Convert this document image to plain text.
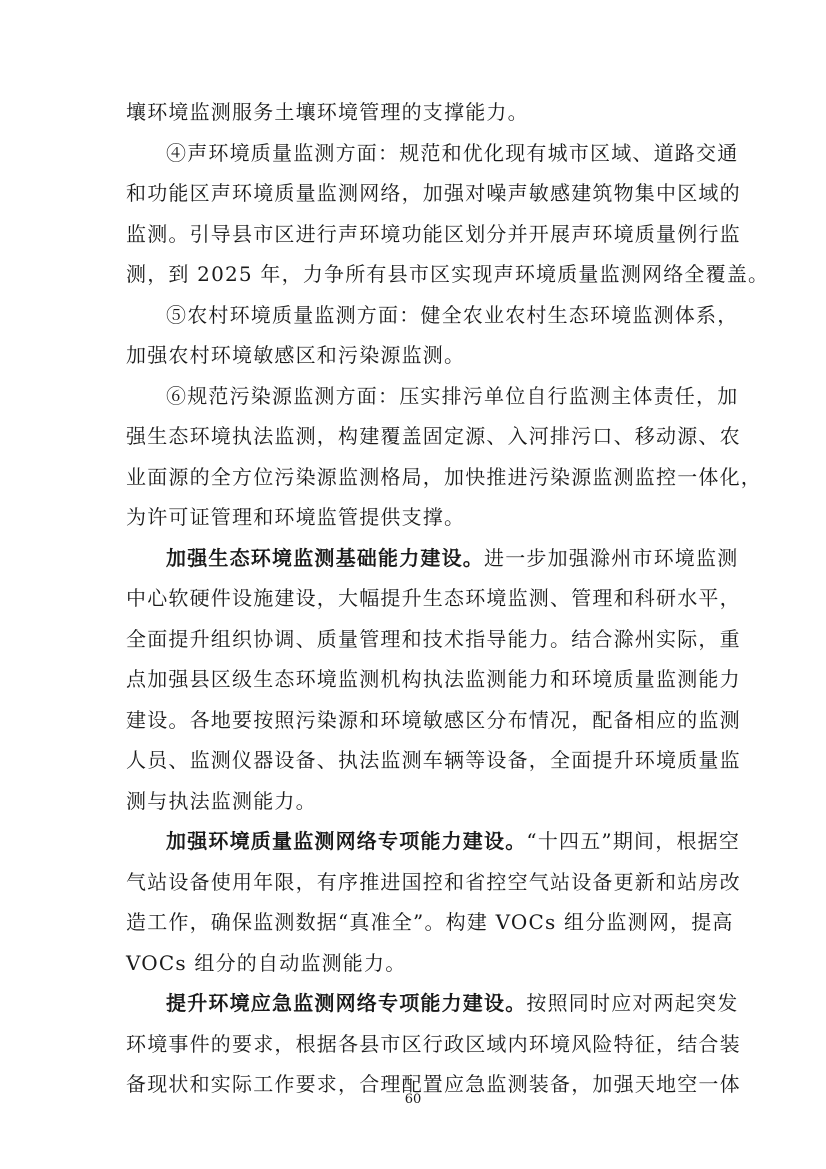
壤环境监测服务土壤环境管理的支撑能力。
④声环境质量监测方面：规范和优化现有城市区域、道路交通
和功能区声环境质量监测网络，加强对噪声敏感建筑物集中区域的
监测。引导县市区进行声环境功能区划分并开展声环境质量例行监
测，到 2025 年，力争所有县市区实现声环境质量监测网络全覆盖。
⑤农村环境质量监测方面：健全农业农村生态环境监测体系，
加强农村环境敏感区和污染源监测。
⑥规范污染源监测方面：压实排污单位自行监测主体责任，加
强生态环境执法监测，构建覆盖固定源、入河排污口、移动源、农
业面源的全方位污染源监测格局，加快推进污染源监测监控一体化，
为许可证管理和环境监管提供支撑。
加强生态环境监测基础能力建设。进一步加强滁州市环境监测
中心软硬件设施建设，大幅提升生态环境监测、管理和科研水平，
全面提升组织协调、质量管理和技术指导能力。结合滁州实际，重
点加强县区级生态环境监测机构执法监测能力和环境质量监测能力
建设。各地要按照污染源和环境敏感区分布情况，配备相应的监测
人员、监测仪器设备、执法监测车辆等设备，全面提升环境质量监
测与执法监测能力。
加强环境质量监测网络专项能力建设。“十四五”期间，根据空
气站设备使用年限，有序推进国控和省控空气站设备更新和站房改
造工作，确保监测数据“真准全”。构建 VOCs 组分监测网，提高
VOCs 组分的自动监测能力。
60
提升环境应急监测网络专项能力建设。按照同时应对两起突发
环境事件的要求，根据各县市区行政区域内环境风险特征，结合装
备现状和实际工作要求，合理配置应急监测装备，加强天地空一体
